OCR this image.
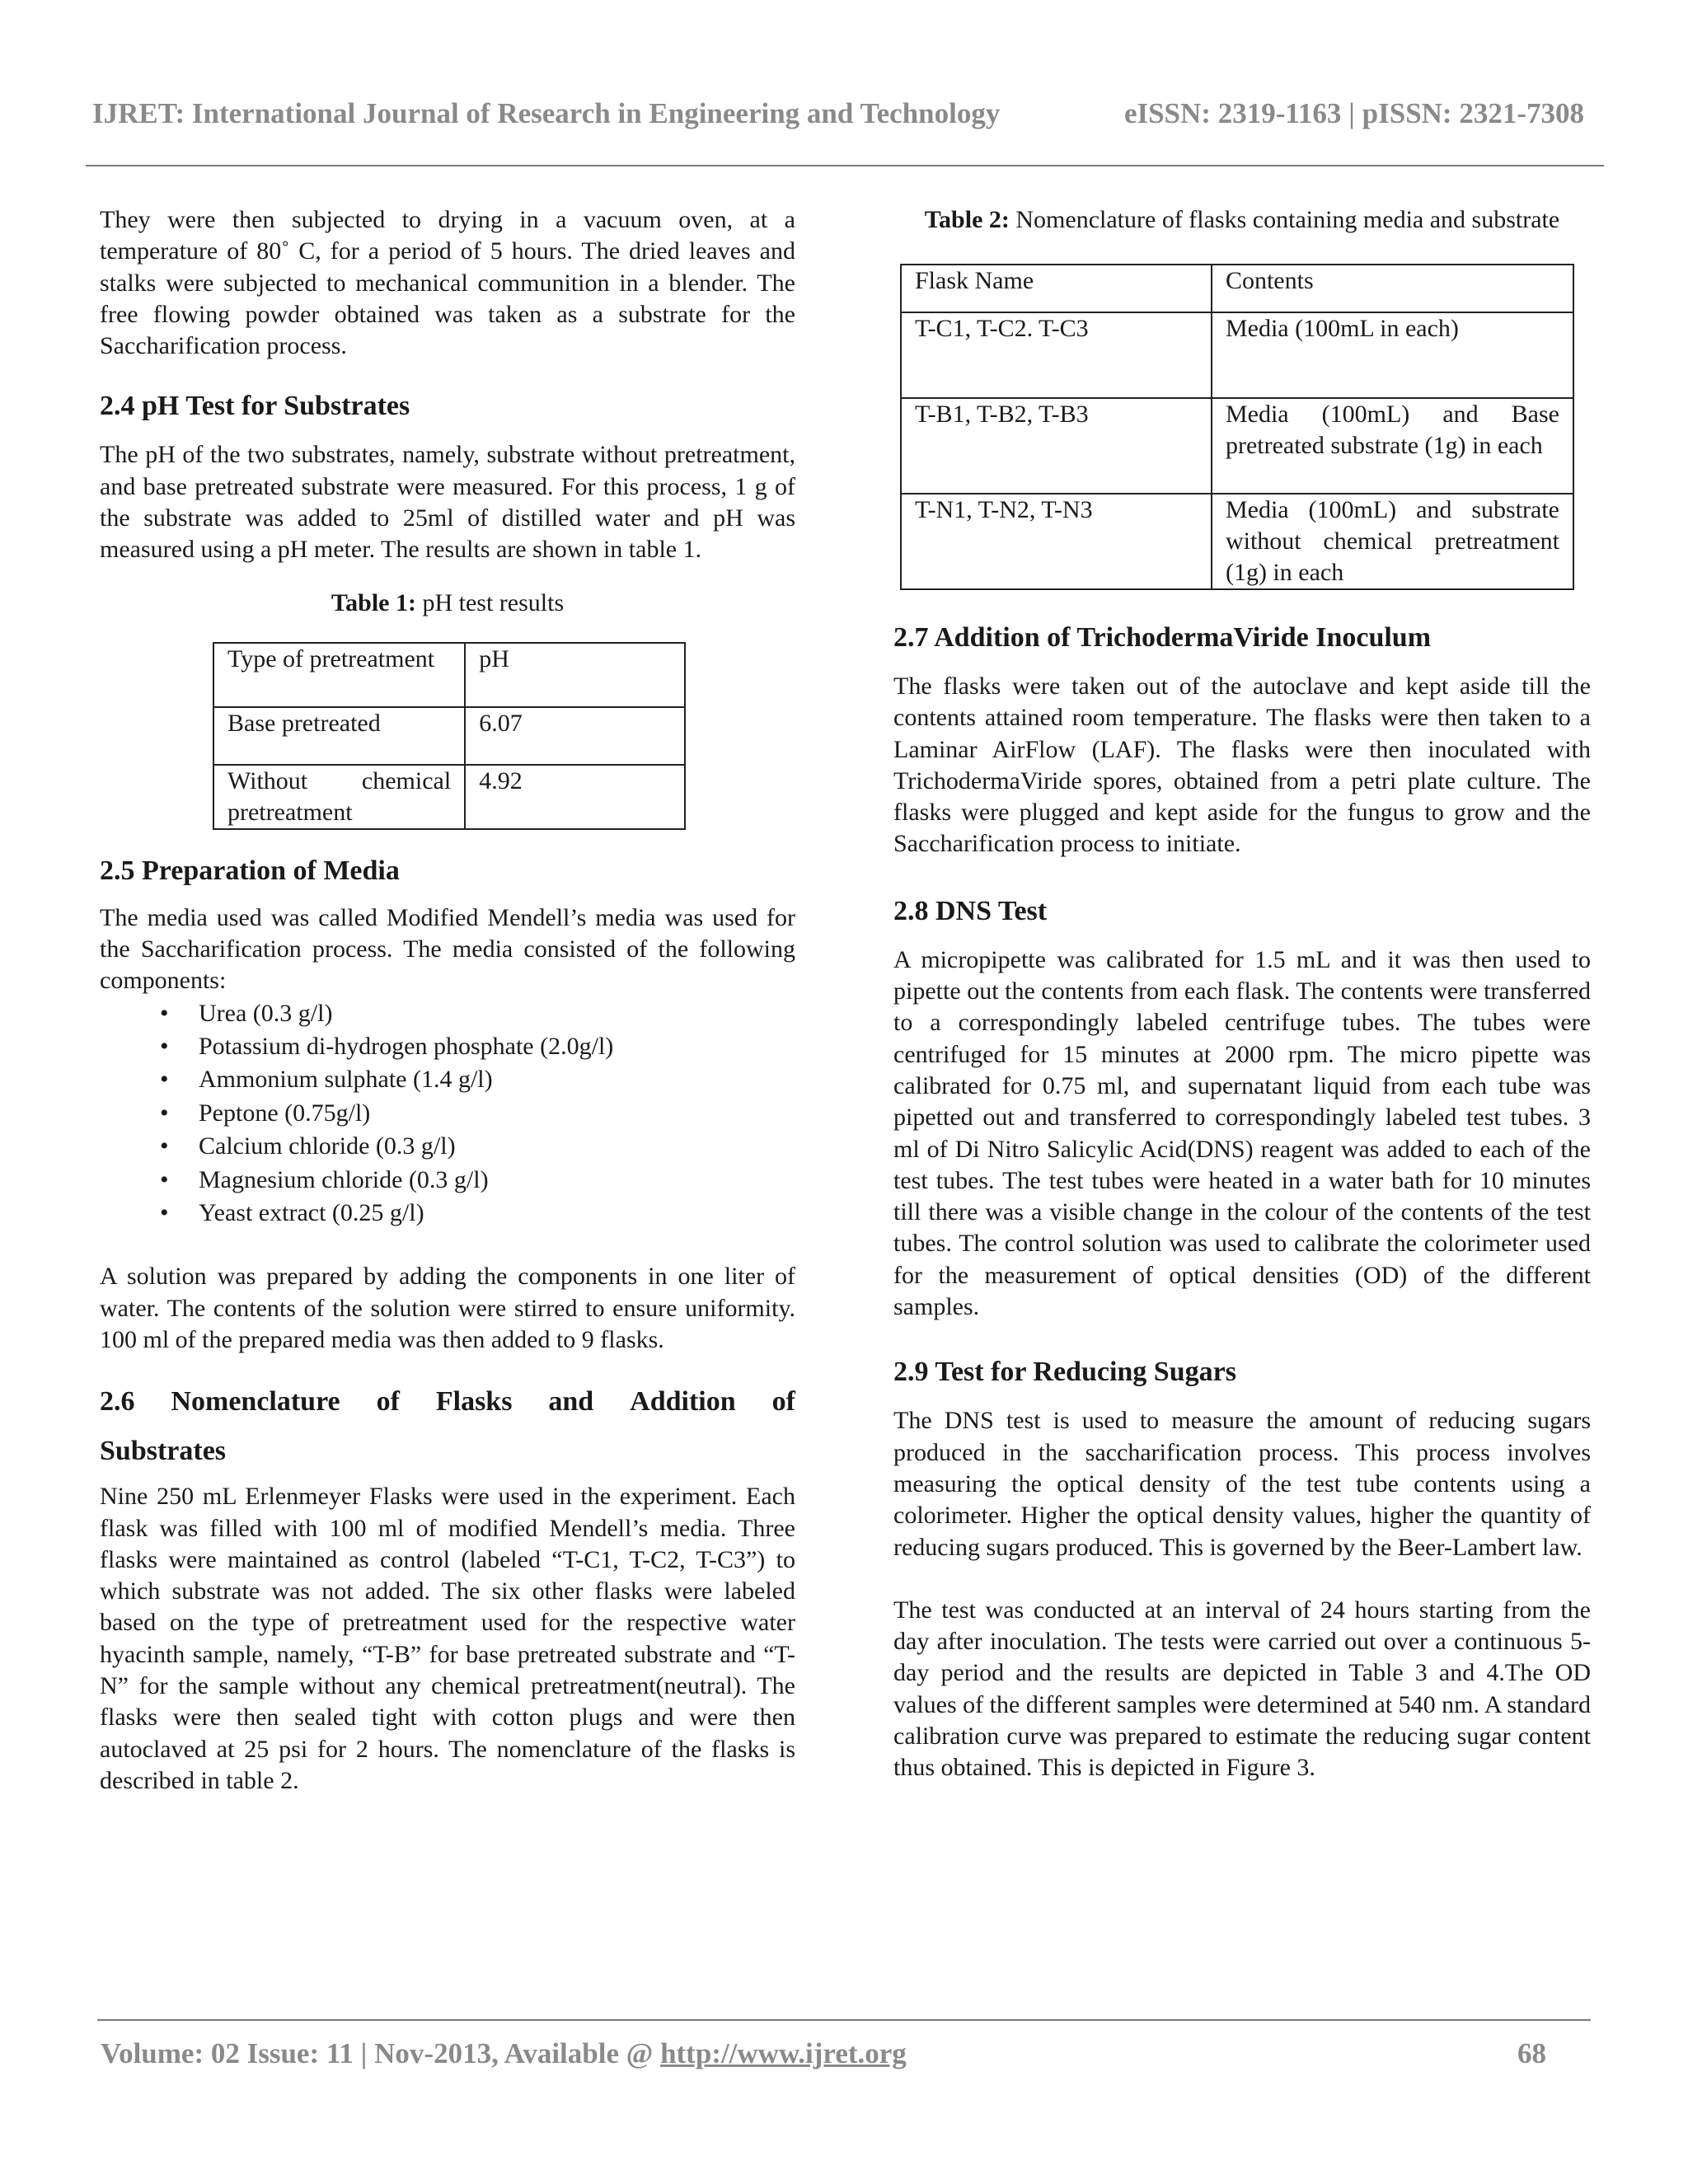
IJRET: International Journal of Research in Engineering and Technology	eISSN: 2319-1163 | pISSN: 2321-7308

They were then subjected to drying in a vacuum oven, at a temperature of 80˚ C, for a period of 5 hours. The dried leaves and stalks were subjected to mechanical communition in a blender. The free flowing powder obtained was taken as a substrate for the Saccharification process.

2.4 pH Test for Substrates

The pH of the two substrates, namely, substrate without pretreatment, and base pretreated substrate were measured. For this process, 1 g of the substrate was added to 25ml of distilled water and pH was measured using a pH meter. The results are shown in table 1.

Table 1: pH test results
Type of pretreatment	pH
Base pretreated	6.07
Without chemical pretreatment	4.92
2.5 Preparation of Media

The media used was called Modified Mendell’s media was used for the Saccharification process. The media consisted of the following components:

• Urea (0.3 g/l)
• Potassium di-hydrogen phosphate (2.0g/l)
• Ammonium sulphate (1.4 g/l)
• Peptone (0.75g/l)
• Calcium chloride (0.3 g/l)
• Magnesium chloride (0.3 g/l)
• Yeast extract (0.25 g/l)

A solution was prepared by adding the components in one liter of water. The contents of the solution were stirred to ensure uniformity. 100 ml of the prepared media was then added to 9 flasks.

2.6 Nomenclature of Flasks and Addition of
Substrates

Nine 250 mL Erlenmeyer Flasks were used in the experiment. Each flask was filled with 100 ml of modified Mendell’s media. Three flasks were maintained as control (labeled “T-C1, T-C2, T-C3”) to which substrate was not added. The six other flasks were labeled based on the type of pretreatment used for the respective water hyacinth sample, namely, “T-B” for base pretreated substrate and “T-N” for the sample without any chemical pretreatment(neutral). The flasks were then sealed tight with cotton plugs and were then autoclaved at 25 psi for 2 hours. The nomenclature of the flasks is described in table 2.

Table 2: Nomenclature of flasks containing media and substrate
Flask Name	Contents
T-C1, T-C2. T-C3	Media (100mL in each)
T-B1, T-B2, T-B3	Media (100mL) and Base pretreated substrate (1g) in each
T-N1, T-N2, T-N3	Media (100mL) and substrate without chemical pretreatment (1g) in each
2.7 Addition of TrichodermaViride Inoculum

The flasks were taken out of the autoclave and kept aside till the contents attained room temperature. The flasks were then taken to a Laminar AirFlow (LAF). The flasks were then inoculated with TrichodermaViride spores, obtained from a petri plate culture. The flasks were plugged and kept aside for the fungus to grow and the Saccharification process to initiate.

2.8 DNS Test

A micropipette was calibrated for 1.5 mL and it was then used to pipette out the contents from each flask. The contents were transferred to a correspondingly labeled centrifuge tubes. The tubes were centrifuged for 15 minutes at 2000 rpm. The micro pipette was calibrated for 0.75 ml, and supernatant liquid from each tube was pipetted out and transferred to correspondingly labeled test tubes. 3 ml of Di Nitro Salicylic Acid(DNS) reagent was added to each of the test tubes. The test tubes were heated in a water bath for 10 minutes till there was a visible change in the colour of the contents of the test tubes. The control solution was used to calibrate the colorimeter used for the measurement of optical densities (OD) of the different samples.

2.9 Test for Reducing Sugars

The DNS test is used to measure the amount of reducing sugars produced in the saccharification process. This process involves measuring the optical density of the test tube contents using a colorimeter. Higher the optical density values, higher the quantity of reducing sugars produced. This is governed by the Beer-Lambert law.

The test was conducted at an interval of 24 hours starting from the day after inoculation. The tests were carried out over a continuous 5- day period and the results are depicted in Table 3 and 4.The OD values of the different samples were determined at 540 nm. A standard calibration curve was prepared to estimate the reducing sugar content thus obtained. This is depicted in Figure 3.

Volume: 02 Issue: 11 | Nov-2013, Available @ http://www.ijret.org	68
